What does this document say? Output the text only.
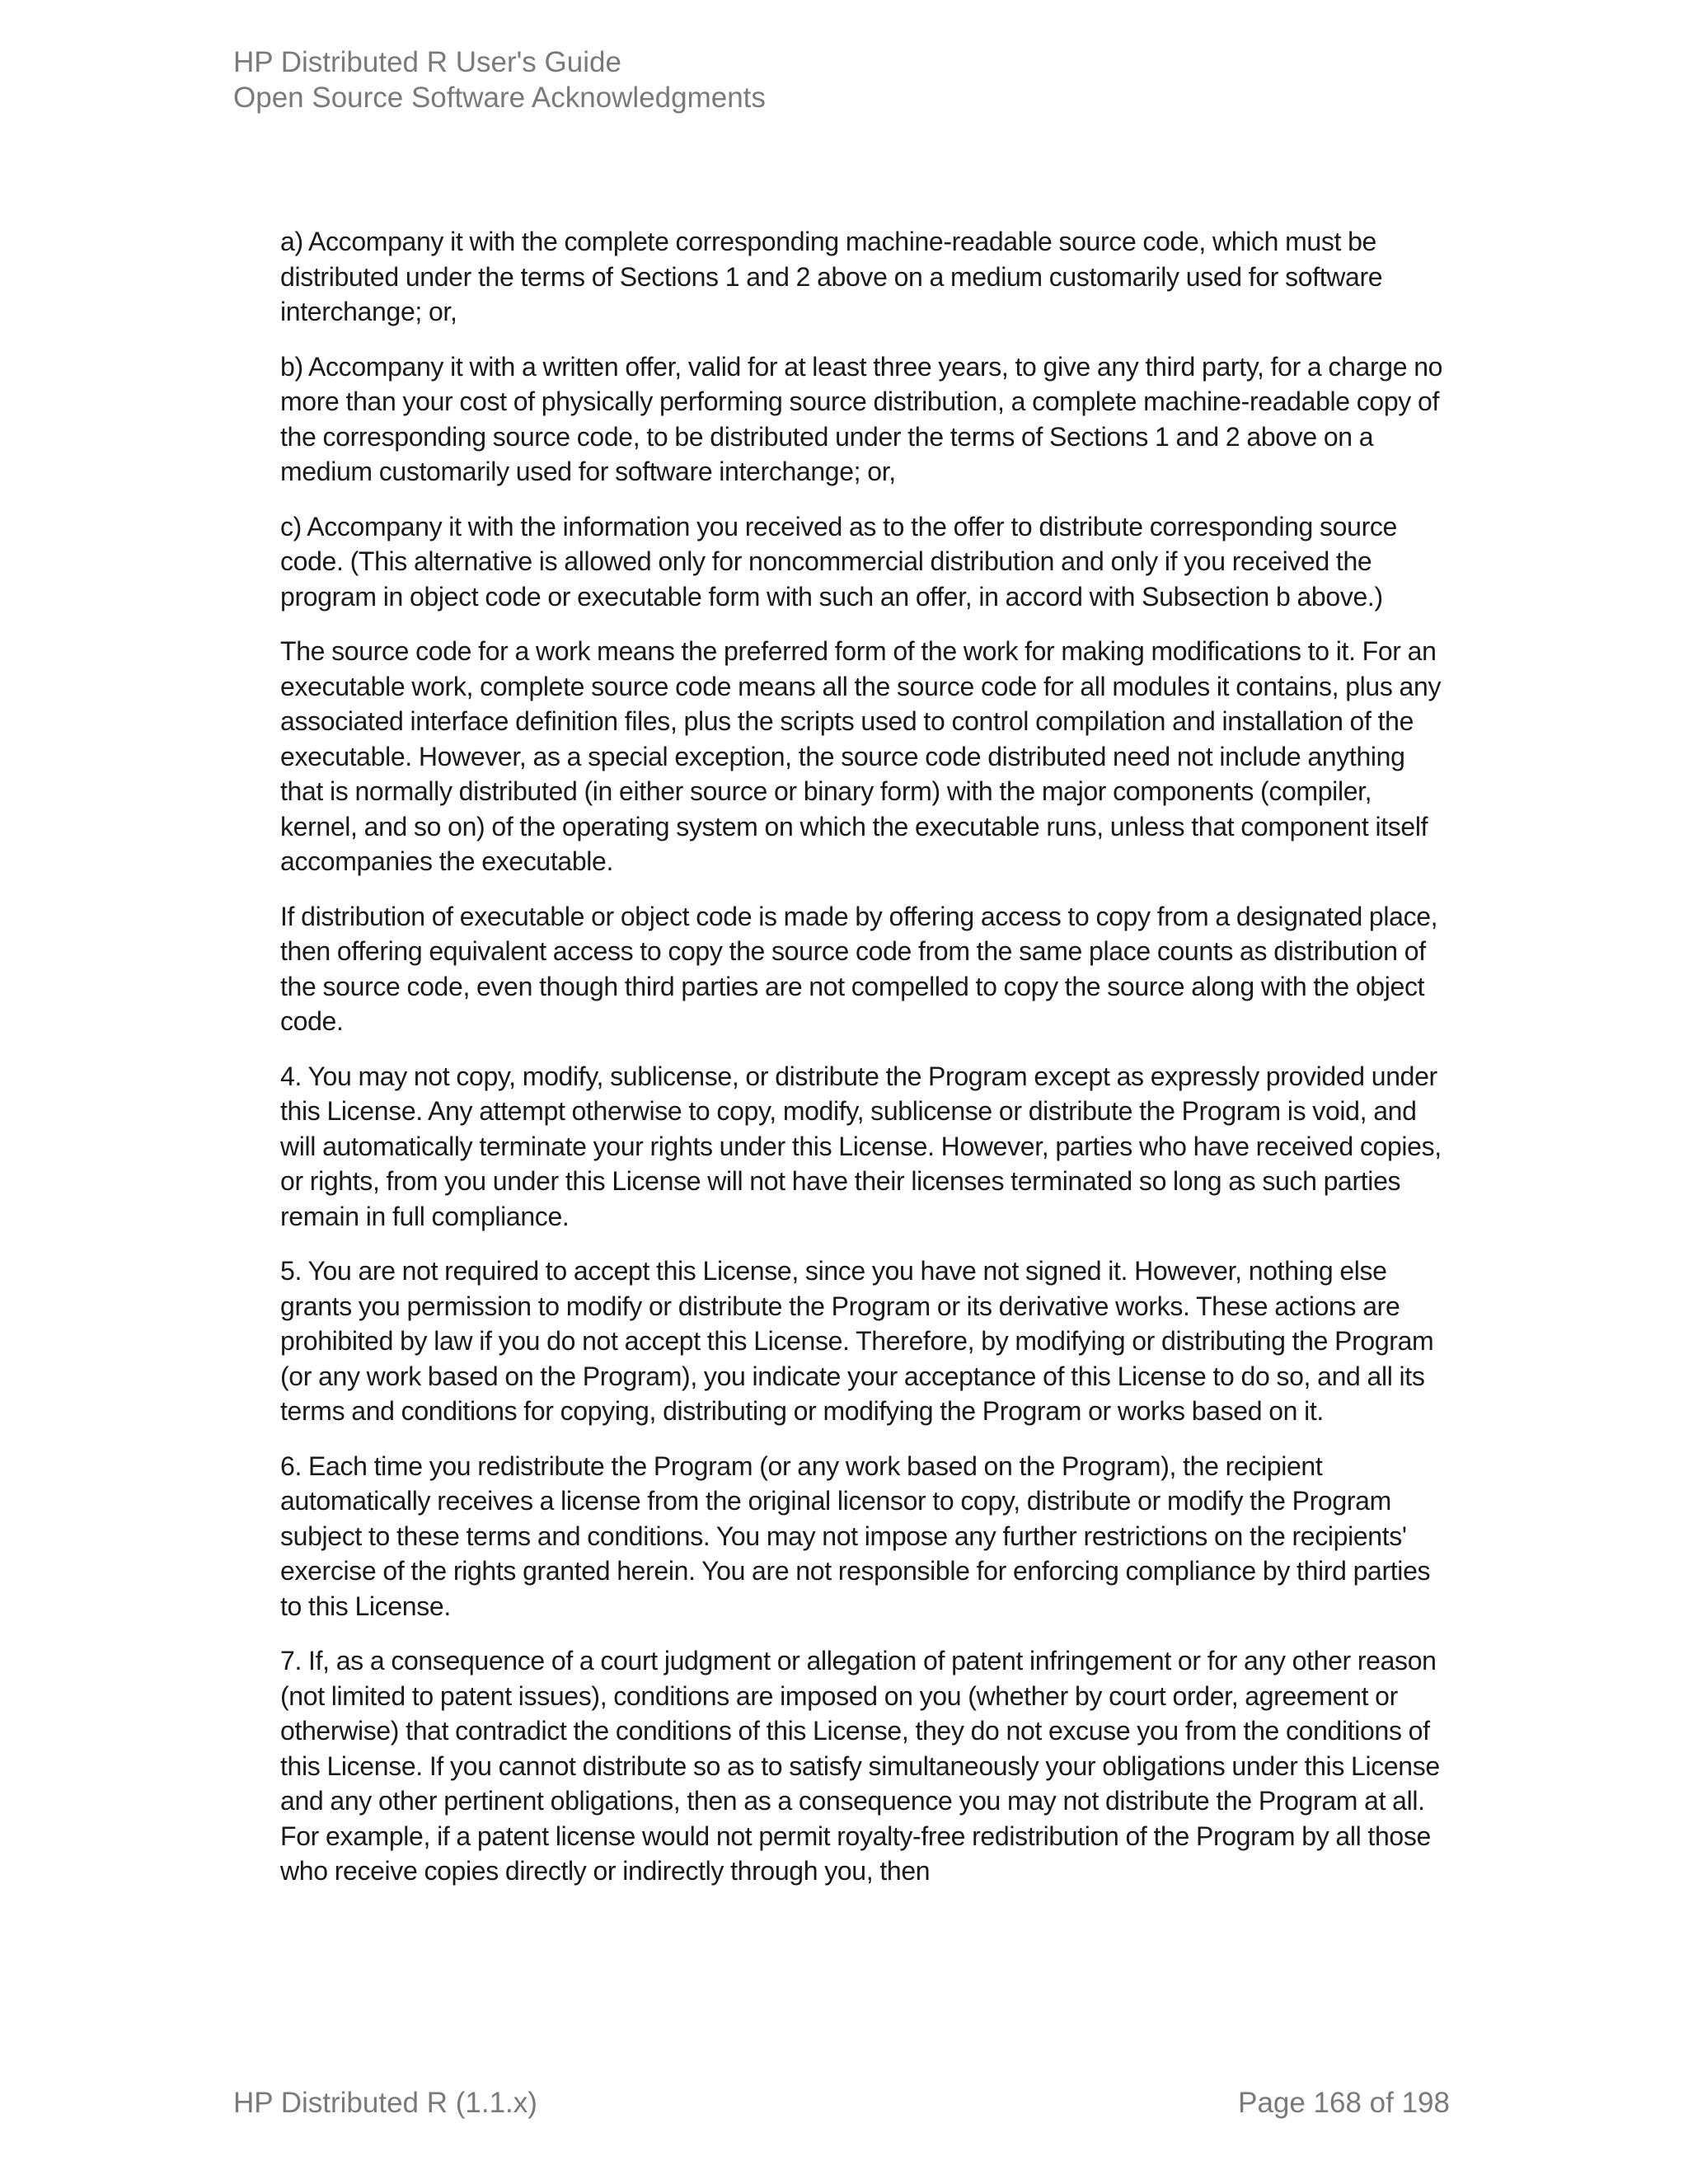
HP Distributed R User's Guide
Open Source Software Acknowledgments

a) Accompany it with the complete corresponding machine-readable source code, which must be distributed under the terms of Sections 1 and 2 above on a medium customarily used for software interchange; or,

b) Accompany it with a written offer, valid for at least three years, to give any third party, for a charge no more than your cost of physically performing source distribution, a complete machine-readable copy of the corresponding source code, to be distributed under the terms of Sections 1 and 2 above on a medium customarily used for software interchange; or,

c) Accompany it with the information you received as to the offer to distribute corresponding source code. (This alternative is allowed only for noncommercial distribution and only if you received the program in object code or executable form with such an offer, in accord with Subsection b above.)

The source code for a work means the preferred form of the work for making modifications to it. For an executable work, complete source code means all the source code for all modules it contains, plus any associated interface definition files, plus the scripts used to control compilation and installation of the executable. However, as a special exception, the source code distributed need not include anything that is normally distributed (in either source or binary form) with the major components (compiler, kernel, and so on) of the operating system on which the executable runs, unless that component itself accompanies the executable.

If distribution of executable or object code is made by offering access to copy from a designated place, then offering equivalent access to copy the source code from the same place counts as distribution of the source code, even though third parties are not compelled to copy the source along with the object code.

4. You may not copy, modify, sublicense, or distribute the Program except as expressly provided under this License. Any attempt otherwise to copy, modify, sublicense or distribute the Program is void, and will automatically terminate your rights under this License. However, parties who have received copies, or rights, from you under this License will not have their licenses terminated so long as such parties remain in full compliance.

5. You are not required to accept this License, since you have not signed it. However, nothing else grants you permission to modify or distribute the Program or its derivative works. These actions are prohibited by law if you do not accept this License. Therefore, by modifying or distributing the Program (or any work based on the Program), you indicate your acceptance of this License to do so, and all its terms and conditions for copying, distributing or modifying the Program or works based on it.

6. Each time you redistribute the Program (or any work based on the Program), the recipient automatically receives a license from the original licensor to copy, distribute or modify the Program subject to these terms and conditions. You may not impose any further restrictions on the recipients' exercise of the rights granted herein. You are not responsible for enforcing compliance by third parties to this License.

7. If, as a consequence of a court judgment or allegation of patent infringement or for any other reason (not limited to patent issues), conditions are imposed on you (whether by court order, agreement or otherwise) that contradict the conditions of this License, they do not excuse you from the conditions of this License. If you cannot distribute so as to satisfy simultaneously your obligations under this License and any other pertinent obligations, then as a consequence you may not distribute the Program at all. For example, if a patent license would not permit royalty-free redistribution of the Program by all those who receive copies directly or indirectly through you, then

HP Distributed R (1.1.x)	Page 168 of 198
